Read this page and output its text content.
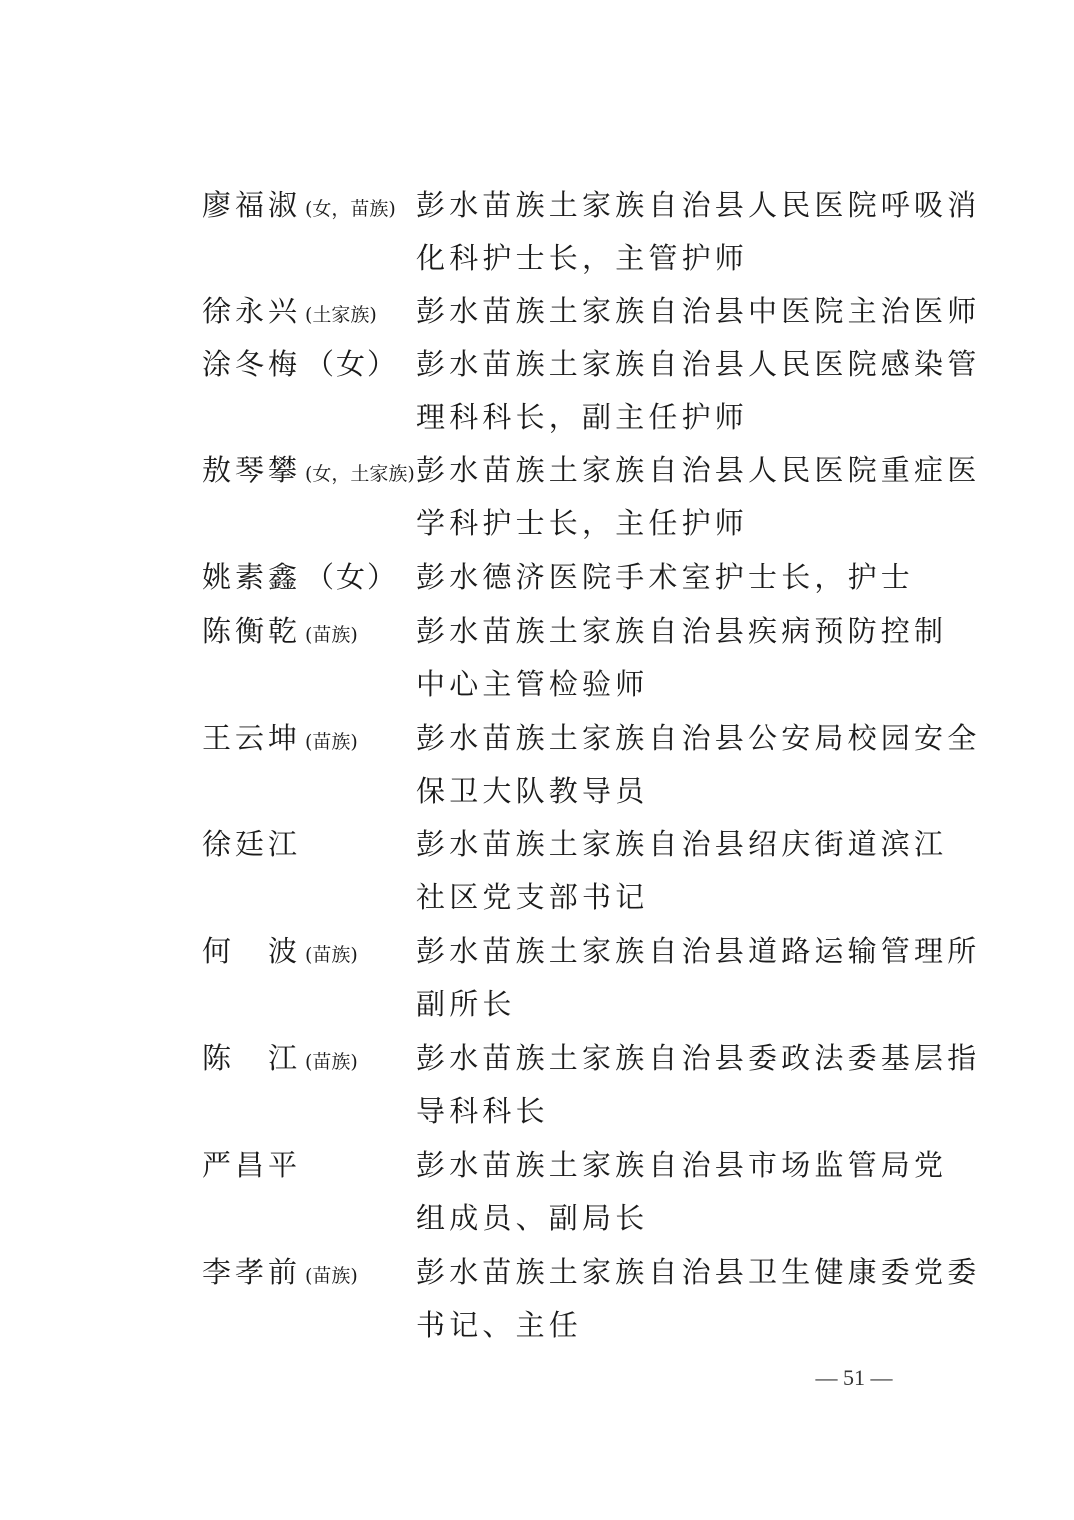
廖福淑 (女，苗族) 彭水苗族土家族自治县人民医院呼吸消
化科护士长，主管护师
徐永兴 (土家族) 彭水苗族土家族自治县中医院主治医师
涂冬梅 （女） 彭水苗族土家族自治县人民医院感染管
理科科长，副主任护师
敖琴攀 (女，土家族) 彭水苗族土家族自治县人民医院重症医
学科护士长，主任护师
姚素鑫 （女） 彭水德济医院手术室护士长，护士
陈衡乾 (苗族) 彭水苗族土家族自治县疾病预防控制
中心主管检验师
王云坤 (苗族) 彭水苗族土家族自治县公安局校园安全
保卫大队教导员
徐廷江	彭水苗族土家族自治县绍庆街道滨江
社区党支部书记
何　波 (苗族) 彭水苗族土家族自治县道路运输管理所
副所长
陈　江 (苗族) 彭水苗族土家族自治县委政法委基层指
导科科长
严昌平	彭水苗族土家族自治县市场监管局党
组成员、副局长
李孝前 (苗族) 彭水苗族土家族自治县卫生健康委党委
书记、主任
— 51 —
